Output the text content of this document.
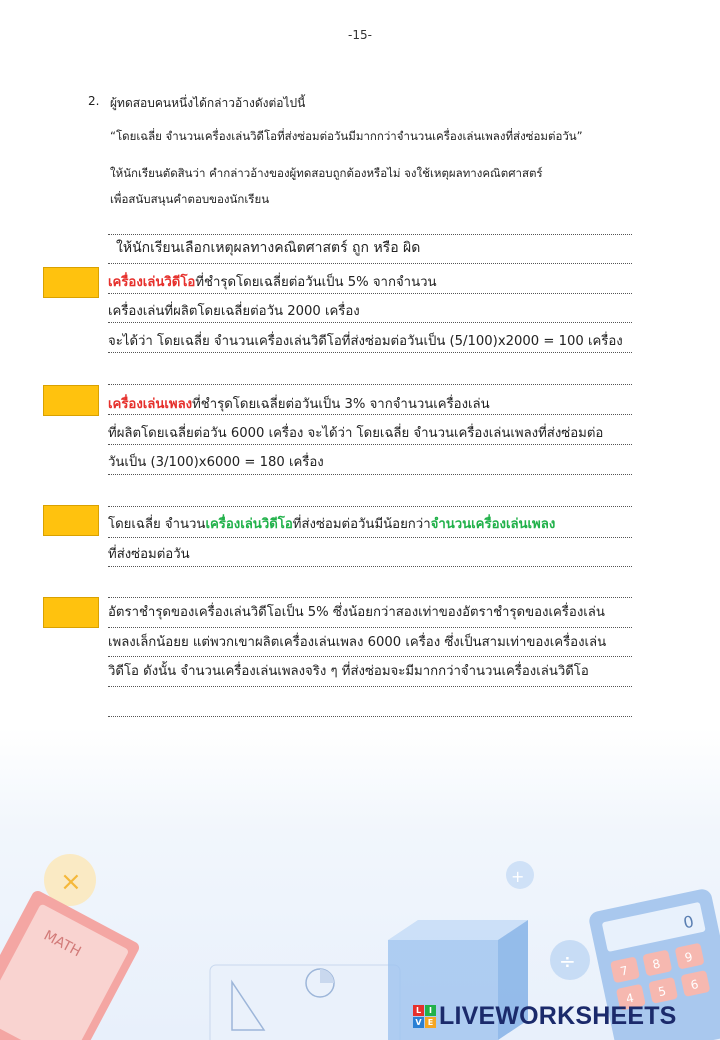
-15-
2. ผู้ทดสอบคนหนึ่งได้กล่าวอ้างดังต่อไปนี้
“โดยเฉลี่ย จำนวนเครื่องเล่นวิดีโอที่ส่งซ่อมต่อวันมีมากกว่าจำนวนเครื่องเล่นเพลงที่ส่งซ่อมต่อวัน”
ให้นักเรียนตัดสินว่า คำกล่าวอ้างของผู้ทดสอบถูกต้องหรือไม่ จงใช้เหตุผลทางคณิตศาสตร์
เพื่อสนับสนุนคำตอบของนักเรียน
ให้นักเรียนเลือกเหตุผลทางคณิตศาสตร์ ถูก หรือ ผิด
เครื่องเล่นวิดีโอที่ชำรุดโดยเฉลี่ยต่อวันเป็น 5% จากจำนวน
เครื่องเล่นที่ผลิตโดยเฉลี่ยต่อวัน 2000 เครื่อง
จะได้ว่า โดยเฉลี่ย จำนวนเครื่องเล่นวิดีโอที่ส่งซ่อมต่อวันเป็น (5/100)x2000 = 100 เครื่อง
เครื่องเล่นเพลงที่ชำรุดโดยเฉลี่ยต่อวันเป็น 3% จากจำนวนเครื่องเล่น
ที่ผลิตโดยเฉลี่ยต่อวัน 6000 เครื่อง จะได้ว่า โดยเฉลี่ย จำนวนเครื่องเล่นเพลงที่ส่งซ่อมต่อ
วันเป็น (3/100)x6000 = 180 เครื่อง
โดยเฉลี่ย จำนวนเครื่องเล่นวิดีโอที่ส่งซ่อมต่อวันมีน้อยกว่าจำนวนเครื่องเล่นเพลง
ที่ส่งซ่อมต่อวัน
อัตราชำรุดของเครื่องเล่นวิดีโอเป็น 5% ซึ่งน้อยกว่าสองเท่าของอัตราชำรุดของเครื่องเล่น
เพลงเล็กน้อยย แต่พวกเขาผลิตเครื่องเล่นเพลง 6000 เครื่อง ซึ่งเป็นสามเท่าของเครื่องเล่น
วิดีโอ ดังนั้น จำนวนเครื่องเล่นเพลงจริง ๆ ที่ส่งซ่อมจะมีมากกว่าจำนวนเครื่องเล่นวิดีโอ
×
MATH
÷
+
0
7 8 9
4 5 6
L I
V E LIVEWORKSHEETS
